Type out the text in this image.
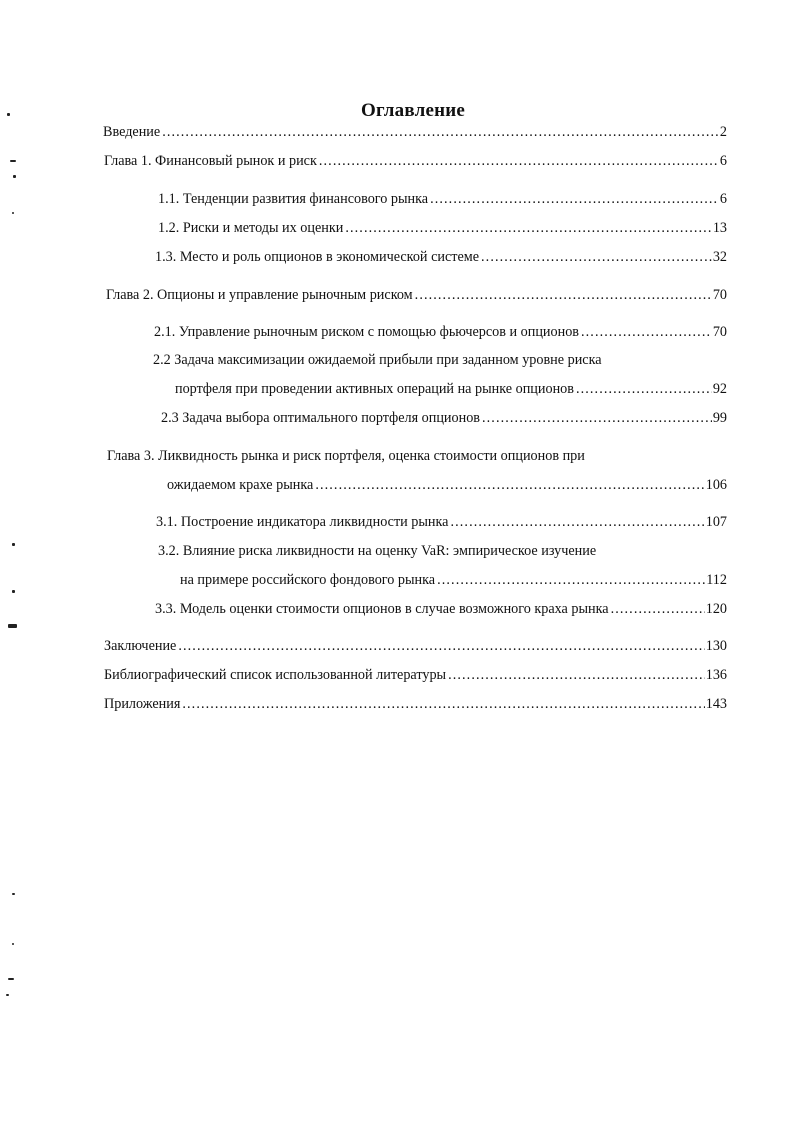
Оглавление
Введение .....	2
Глава 1. Финансовый рынок и риск .....	6
1.1. Тенденции развития финансового рынка .....	6
1.2. Риски и методы их оценки .....	13
1.3. Место и роль опционов в экономической системе .....	32
Глава 2. Опционы и управление рыночным риском .....	70
2.1. Управление рыночным риском с помощью фьючерсов и опционов .....	70
2.2 Задача максимизации ожидаемой прибыли при заданном уровне риска
портфеля при проведении активных операций на рынке опционов .....	92
2.3 Задача выбора оптимального портфеля опционов .....	99
Глава 3. Ликвидность рынка и риск портфеля, оценка стоимости опционов при
ожидаемом крахе рынка .....	106
3.1. Построение индикатора ликвидности рынка .....	107
3.2. Влияние риска ликвидности на оценку VaR: эмпирическое изучение
на примере российского фондового рынка .....	112
3.3. Модель оценки стоимости опционов в случае возможного краха рынка .....	120
Заключение .....	130
Библиографический список использованной литературы .....	136
Приложения .....	143
